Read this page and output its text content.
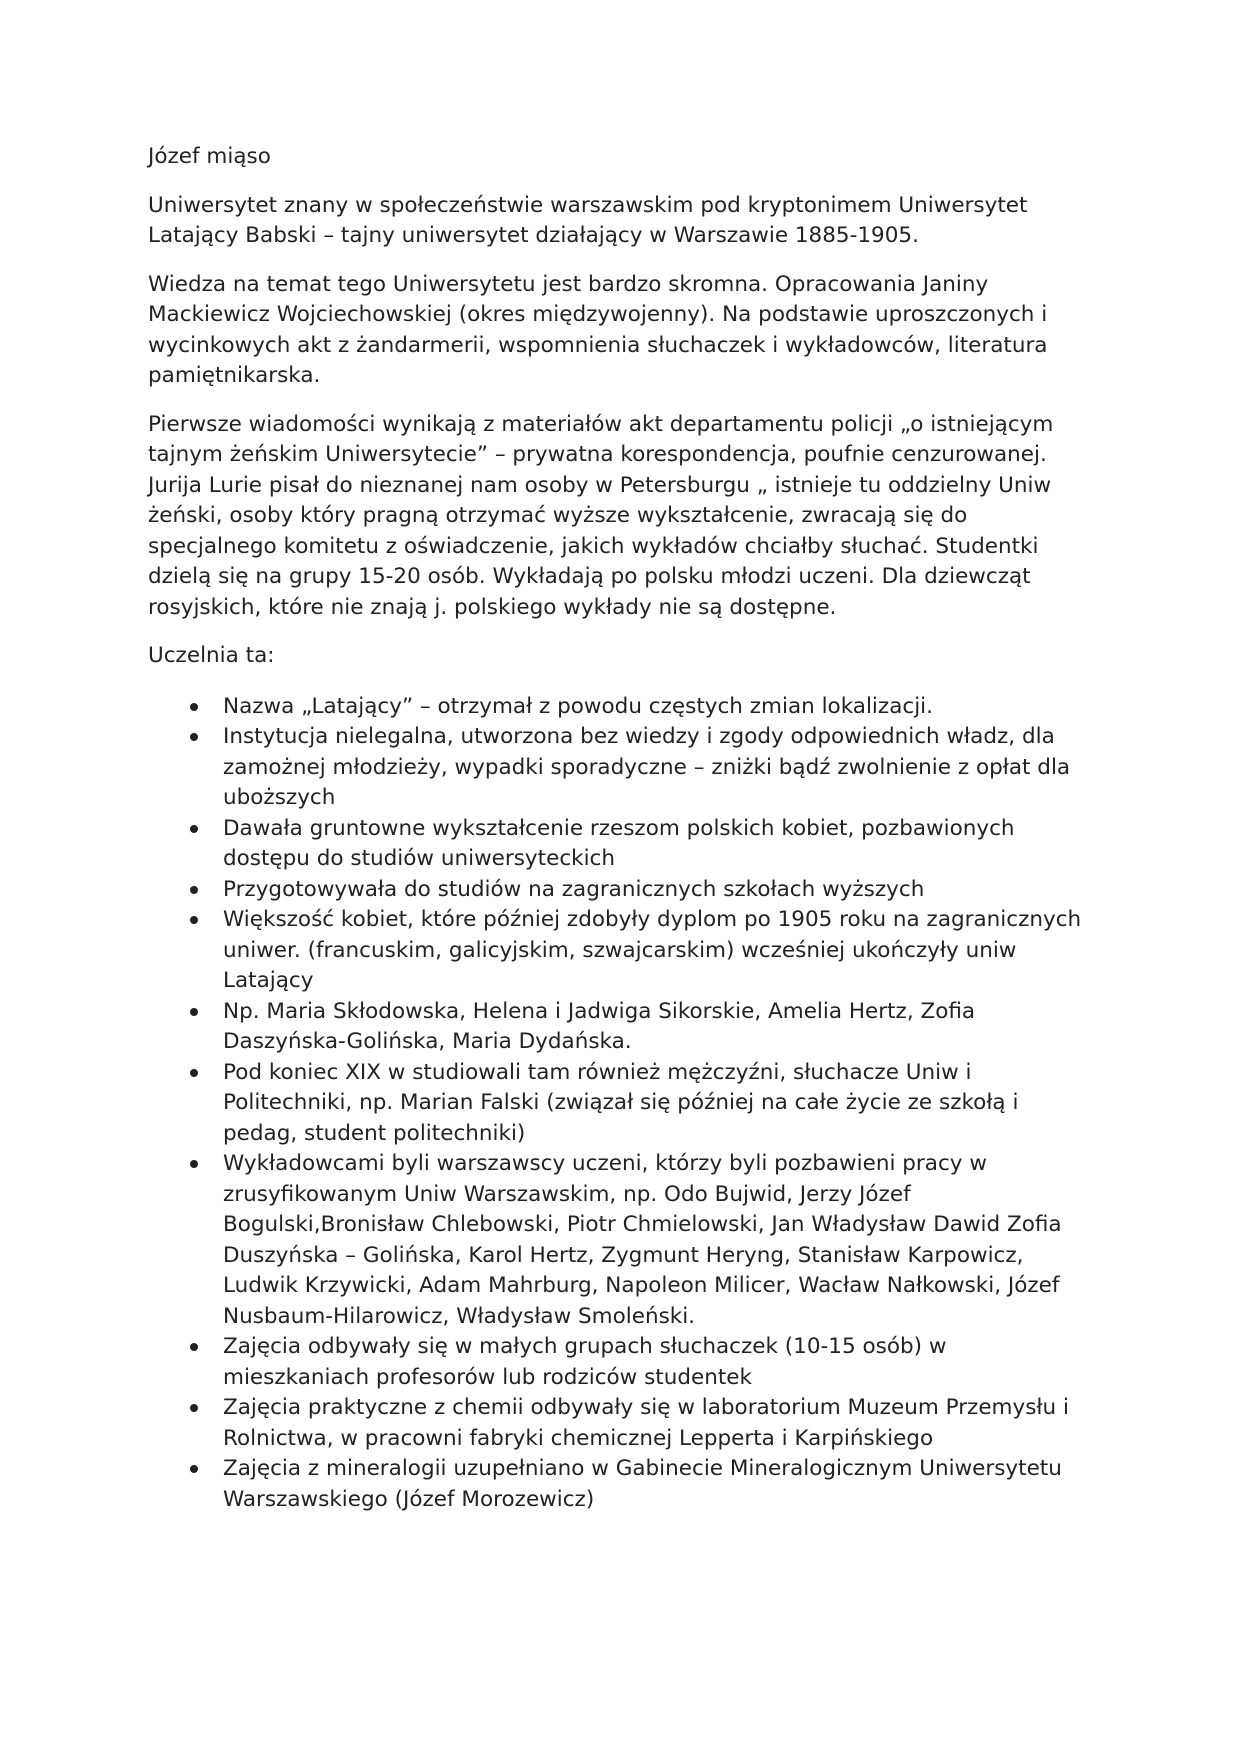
Józef miąso

Uniwersytet znany w społeczeństwie warszawskim pod kryptonimem Uniwersytet Latający Babski – tajny uniwersytet działający w Warszawie 1885-1905.

Wiedza na temat tego Uniwersytetu jest bardzo skromna. Opracowania Janiny Mackiewicz Wojciechowskiej (okres międzywojenny). Na podstawie uproszczonych i wycinkowych akt z żandarmerii, wspomnienia słuchaczek i wykładowców, literatura pamiętnikarska.

Pierwsze wiadomości wynikają z materiałów akt departamentu policji „o istniejącym tajnym żeńskim Uniwersytecie” – prywatna korespondencja, poufnie cenzurowanej. Jurija Lurie pisał do nieznanej nam osoby w Petersburgu „ istnieje tu oddzielny Uniw żeński, osoby który pragną otrzymać wyższe wykształcenie, zwracają się do specjalnego komitetu z oświadczenie, jakich wykładów chciałby słuchać. Studentki dzielą się na grupy 15-20 osób. Wykładają po polsku młodzi uczeni. Dla dziewcząt rosyjskich, które nie znają j. polskiego wykłady nie są dostępne.

Uczelnia ta:

Nazwa „Latający” – otrzymał z powodu częstych zmian lokalizacji.
Instytucja nielegalna, utworzona bez wiedzy i zgody odpowiednich władz, dla zamożnej młodzieży, wypadki sporadyczne – zniżki bądź zwolnienie z opłat dla uboższych
Dawała gruntowne wykształcenie rzeszom polskich kobiet, pozbawionych dostępu do studiów uniwersyteckich
Przygotowywała do studiów na zagranicznych szkołach wyższych
Większość kobiet, które później zdobyły dyplom po 1905 roku na zagranicznych uniwer. (francuskim, galicyjskim, szwajcarskim) wcześniej ukończyły uniw Latający
Np. Maria Skłodowska, Helena i Jadwiga Sikorskie, Amelia Hertz, Zofia Daszyńska-Golińska, Maria Dydańska.
Pod koniec XIX w studiowali tam również mężczyźni, słuchacze Uniw i Politechniki, np. Marian Falski (związał się później na całe życie ze szkołą i pedag, student politechniki)
Wykładowcami byli warszawscy uczeni, którzy byli pozbawieni pracy w zrusyfikowanym Uniw Warszawskim, np. Odo Bujwid, Jerzy Józef Bogulski,Bronisław Chlebowski, Piotr Chmielowski, Jan Władysław Dawid Zofia Duszyńska – Golińska, Karol Hertz, Zygmunt Heryng, Stanisław Karpowicz, Ludwik Krzywicki, Adam Mahrburg, Napoleon Milicer, Wacław Nałkowski, Józef Nusbaum-Hilarowicz, Władysław Smoleński.
Zajęcia odbywały się w małych grupach słuchaczek (10-15 osób) w mieszkaniach profesorów lub rodziców studentek
Zajęcia praktyczne z chemii odbywały się w laboratorium Muzeum Przemysłu i Rolnictwa, w pracowni fabryki chemicznej Lepperta i Karpińskiego
Zajęcia z mineralogii uzupełniano w Gabinecie Mineralogicznym Uniwersytetu Warszawskiego (Józef Morozewicz)
